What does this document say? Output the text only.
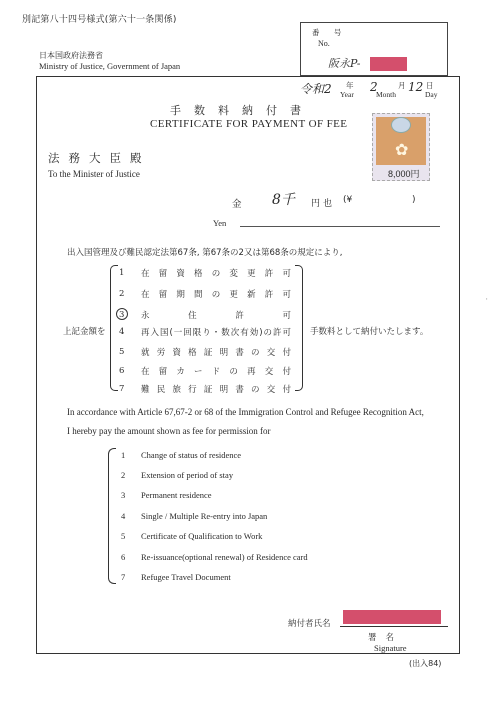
別記第八十四号様式(第六十一条関係)
日本国政府法務省
Ministry of Justice, Government of Japan
番 号
No.
阪永P-
令和2 年
Year
2	月
Month
12 日
Day
手数料納付書
CERTIFICATE FOR PAYMENT OF FEE
✿
8,000円
法務大臣殿
To the Minister of Justice
金 8千 円也 (¥	)
Yen
出入国管理及び難民認定法第67条, 第67条の2又は第68条の規定により,
1 在留資格の変更許可
2 在留期間の更新許可
3 永住許可
4 再入国(一回限り・数次有効)の許可
5 就労資格証明書の交付
6 在留カードの再交付
7 難民旅行証明書の交付
上記金額を	手数料として納付いたします。
In accordance with Article 67,67-2 or 68 of the Immigration Control and Refugee Recognition Act,
I hereby pay the amount shown as fee for permission for
1 Change of status of residence
2 Extension of period of stay
3 Permanent residence
4 Single / Multiple Re-entry into Japan
5 Certificate of Qualification to Work
6 Re-issuance(optional renewal) of Residence card
7 Refugee Travel Document
納付者氏名
署名
Signature
(出入84)
'
